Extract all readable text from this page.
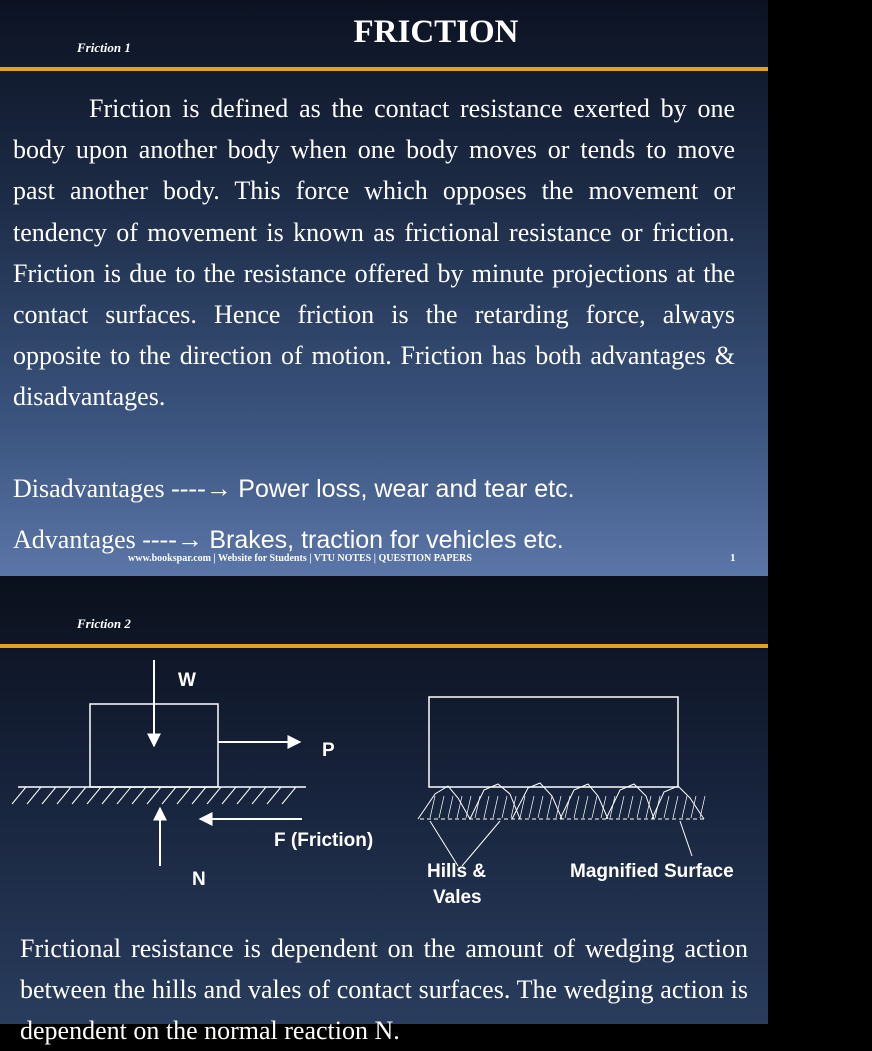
Friction 1	FRICTION

Friction is defined as the contact resistance exerted by one body upon another body when one body moves or tends to move past another body. This force which opposes the movement or tendency of movement is known as frictional resistance or friction. Friction is due to the resistance offered by minute projections at the contact surfaces. Hence friction is the retarding force, always opposite to the direction of motion. Friction has both advantages & disadvantages.

Disadvantages ----→ Power loss, wear and tear etc.
Advantages ----→ Brakes, traction for vehicles etc.
www.bookspar.com | Website for Students | VTU NOTES | QUESTION PAPERS	1
Friction 2
W
P
F (Friction)
N	Hills &
Vales
Magnified Surface

Frictional resistance is dependent on the amount of wedging action between the hills and vales of contact surfaces. The wedging action is dependent on the normal reaction N.
